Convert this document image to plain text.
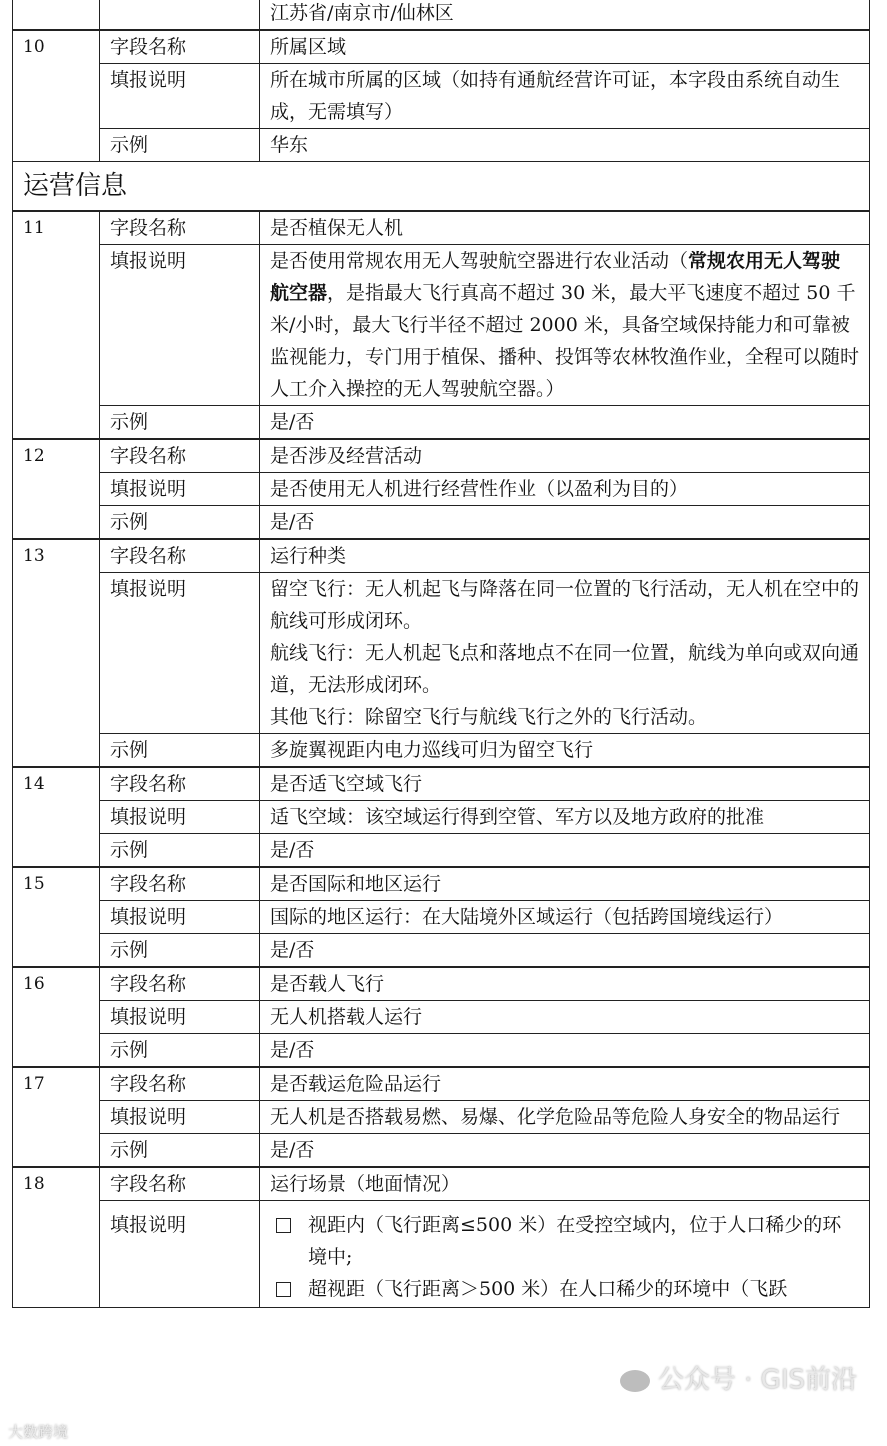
		江苏省/南京市/仙林区
10	字段名称	所属区域
	填报说明	所在城市所属的区域（如持有通航经营许可证，本字段由系统自动生成，无需填写）
	示例	华东
运营信息		
11	字段名称	是否植保无人机
	填报说明	是否使用常规农用无人驾驶航空器进行农业活动（常规农用无人驾驶航空器，是指最大飞行真高不超过 30 米，最大平飞速度不超过 50 千米/小时，最大飞行半径不超过 2000 米，具备空域保持能力和可靠被监视能力，专门用于植保、播种、投饵等农林牧渔作业，全程可以随时人工介入操控的无人驾驶航空器。）
	示例	是/否
12	字段名称	是否涉及经营活动
	填报说明	是否使用无人机进行经营性作业（以盈利为目的）
	示例	是/否
13	字段名称	运行种类
	填报说明	留空飞行：无人机起飞与降落在同一位置的飞行活动，无人机在空中的航线可形成闭环。
航线飞行：无人机起飞点和落地点不在同一位置，航线为单向或双向通道，无法形成闭环。
其他飞行：除留空飞行与航线飞行之外的飞行活动。

	示例	多旋翼视距内电力巡线可归为留空飞行
14	字段名称	是否适飞空域飞行
	填报说明	适飞空域：该空域运行得到空管、军方以及地方政府的批准
	示例	是/否
15	字段名称	是否国际和地区运行
	填报说明	国际的地区运行：在大陆境外区域运行（包括跨国境线运行）
	示例	是/否
16	字段名称	是否载人飞行
	填报说明	无人机搭载人运行
	示例	是/否
17	字段名称	是否载运危险品运行
	填报说明	无人机是否搭载易燃、易爆、化学危险品等危险人身安全的物品运行
	示例	是/否
18	字段名称	运行场景（地面情况）
	填报说明	视距内（飞行距离≤500 米）在受控空域内，位于人口稀少的环境中;
超视距（飞行距离＞500 米）在人口稀少的环境中（飞跃
公众号 · GIS前沿
大数跨境
